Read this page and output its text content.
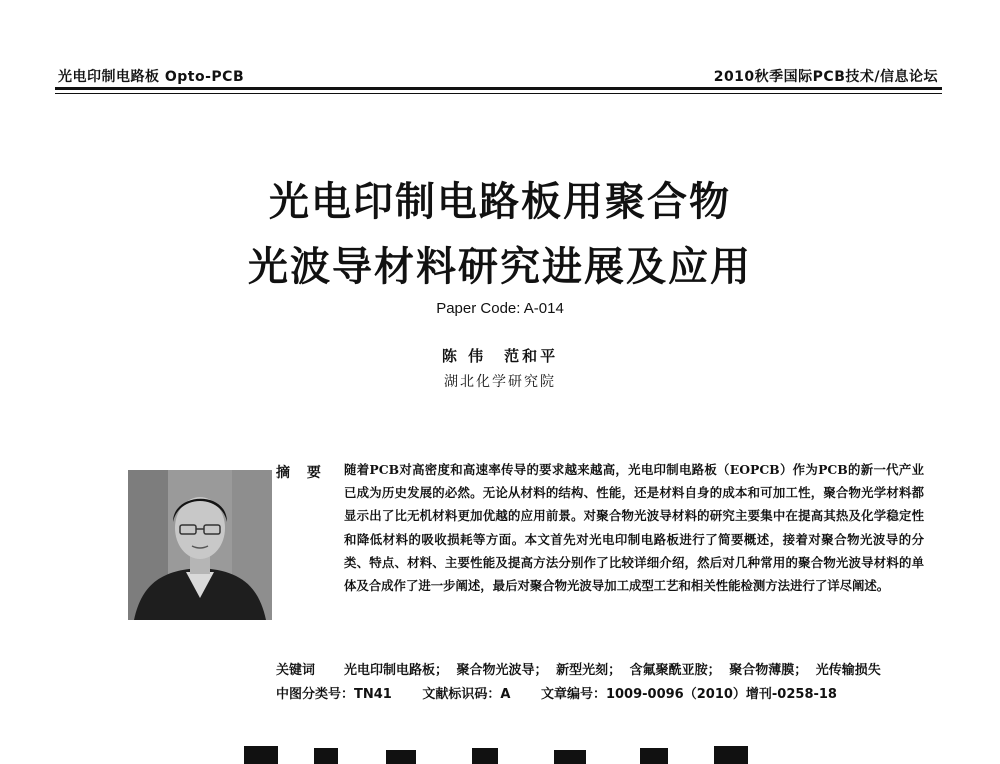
光电印制电路板 Opto-PCB	2010秋季国际PCB技术/信息论坛
光电印制电路板用聚合物
光波导材料研究进展及应用
Paper Code: A-014
陈 伟　范和平
湖北化学研究院
摘 要 随着PCB对高密度和高速率传导的要求越来越高，光电印制电路板（EOPCB）作为PCB的新一代产业已成为历史发展的必然。无论从材料的结构、性能，还是材料自身的成本和可加工性，聚合物光学材料都显示出了比无机材料更加优越的应用前景。对聚合物光波导材料的研究主要集中在提高其热及化学稳定性和降低材料的吸收损耗等方面。本文首先对光电印制电路板进行了简要概述，接着对聚合物光波导的分类、特点、材料、主要性能及提高方法分别作了比较详细介绍，然后对几种常用的聚合物光波导材料的单体及合成作了进一步阐述，最后对聚合物光波导加工成型工艺和相关性能检测方法进行了详尽阐述。
关键词 光电印制电路板； 聚合物光波导； 新型光刻； 含氟聚酰亚胺； 聚合物薄膜； 光传输损失
中图分类号：TN41 文献标识码：A 文章编号：1009-0096（2010）增刊-0258-18
